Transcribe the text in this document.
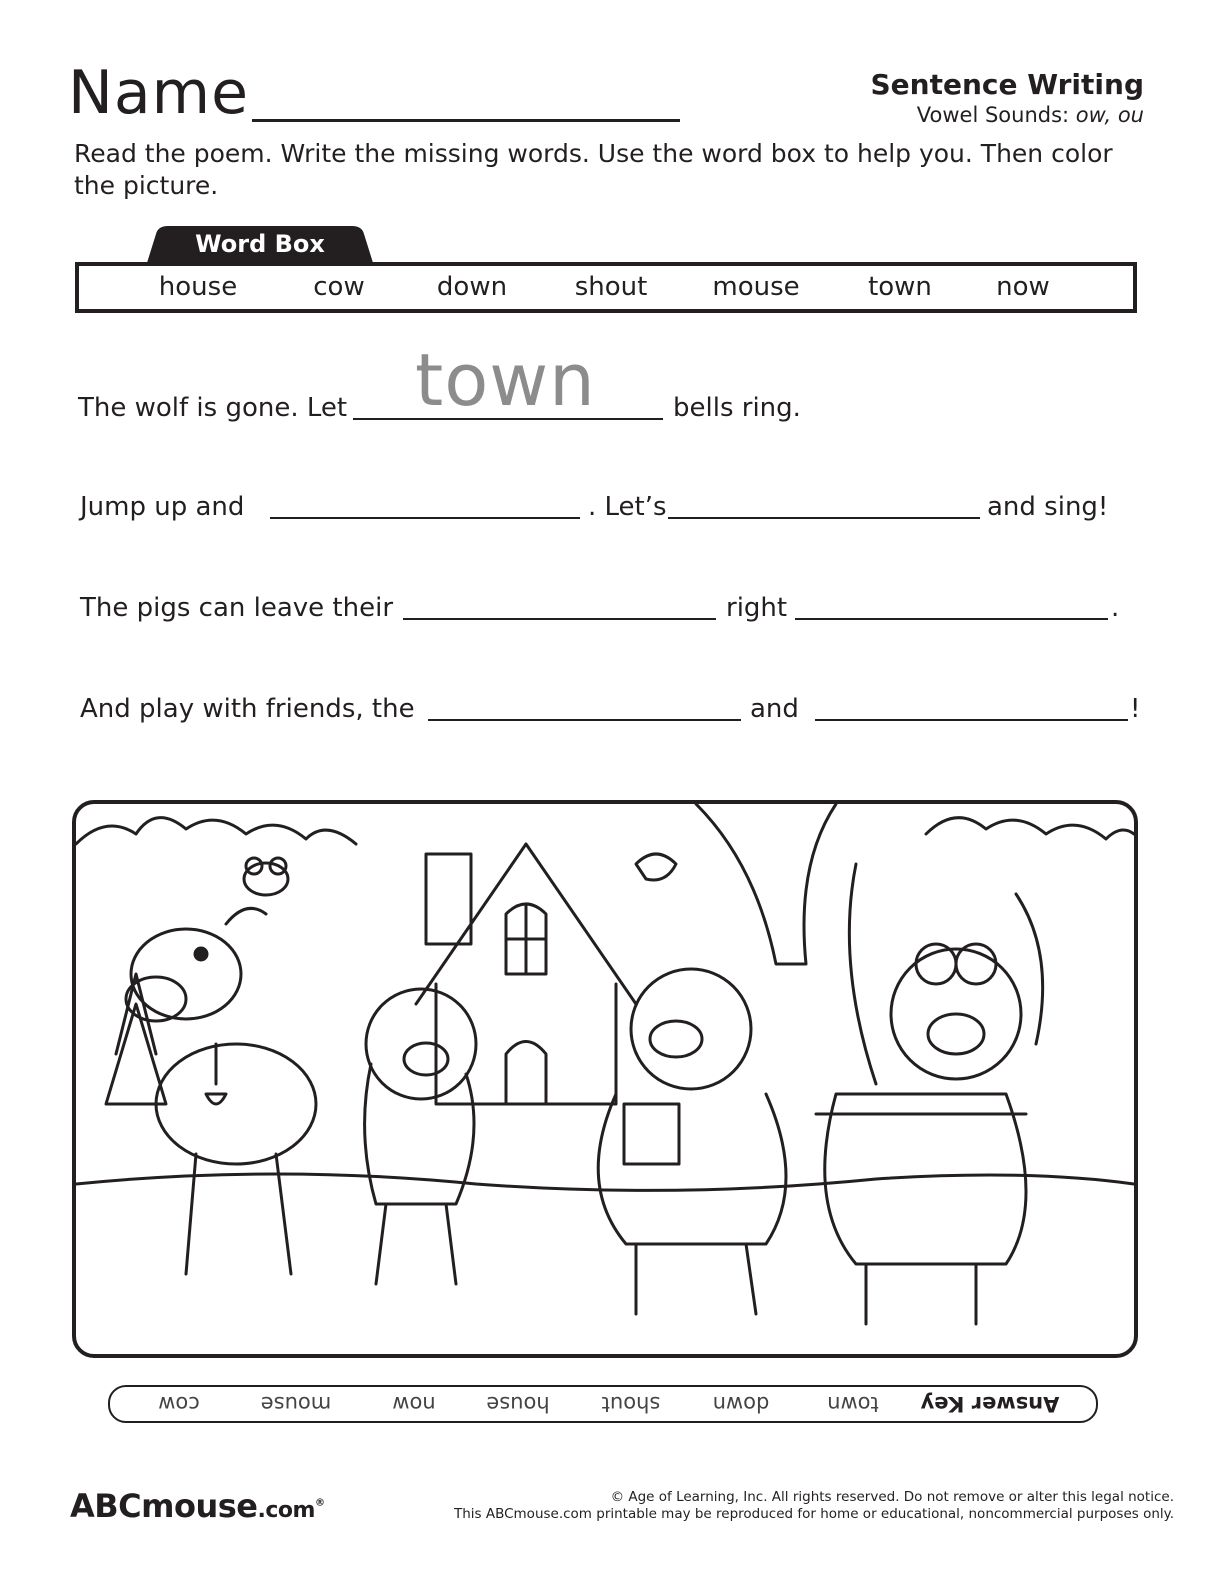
Name	Sentence Writing
Vowel Sounds: ow, ou
Read the poem. Write the missing words. Use the word box to help you. Then color the picture.
Word Box
house	cow	down	shout	mouse	town now
The wolf is gone. Let town	bells ring.
Jump up and	. Let’s	and sing!
The pigs can leave their	right	.
And play with friends, the	and	!
Answer Key
town
down
shout
house
now
mouse
cow
ABCmouse.com®	© Age of Learning, Inc. All rights reserved. Do not remove or alter this legal notice.
This ABCmouse.com printable may be reproduced for home or educational, noncommercial purposes only.
